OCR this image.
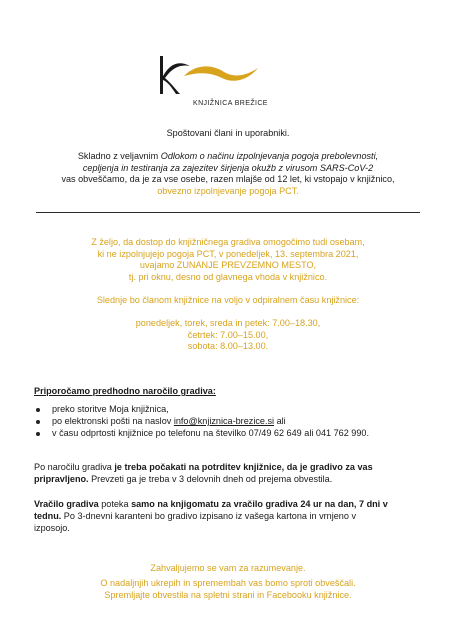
KNJIŽNICA BREŽICE
Spoštovani člani in uporabniki.
Skladno z veljavnim Odlokom o načinu izpolnjevanja pogoja prebolevnosti,
cepljenja in testiranja za zajezitev širjenja okužb z virusom SARS-CoV-2
vas obveščamo, da je za vse osebe, razen mlajše od 12 let, ki vstopajo v knjižnico,
obvezno izpolnjevanje pogoja PCT.
Z željo, da dostop do knjižničnega gradiva omogočimo tudi osebam,
ki ne izpolnjujejo pogoja PCT, v ponedeljek, 13. septembra 2021,
uvajamo ZUNANJE PREVZEMNO MESTO,
tj. pri oknu, desno od glavnega vhoda v knjižnico.
Slednje bo članom knjižnice na voljo v odpiralnem času knjižnice:
ponedeljek, torek, sreda in petek: 7.00–18.30,
četrtek: 7.00–15.00,
sobota: 8.00–13.00.
Priporočamo predhodno naročilo gradiva:
preko storitve Moja knjižnica,
po elektronski pošti na naslov info@knjiznica-brezice.si ali
v času odprtosti knjižnice po telefonu na številko 07/49 62 649 ali 041 762 990.
Po naročilu gradiva je treba počakati na potrditev knjižnice, da je gradivo za vas
pripravljeno. Prevzeti ga je treba v 3 delovnih dneh od prejema obvestila.
Vračilo gradiva poteka samo na knjigomatu za vračilo gradiva 24 ur na dan, 7 dni v
tednu. Po 3-dnevni karanteni bo gradivo izpisano iz vašega kartona in vrnjeno v
izposojo.
Zahvaljujemo se vam za razumevanje.
O nadaljnjih ukrepih in spremembah vas bomo sproti obveščali.
Spremljajte obvestila na spletni strani in Facebooku knjižnice.
